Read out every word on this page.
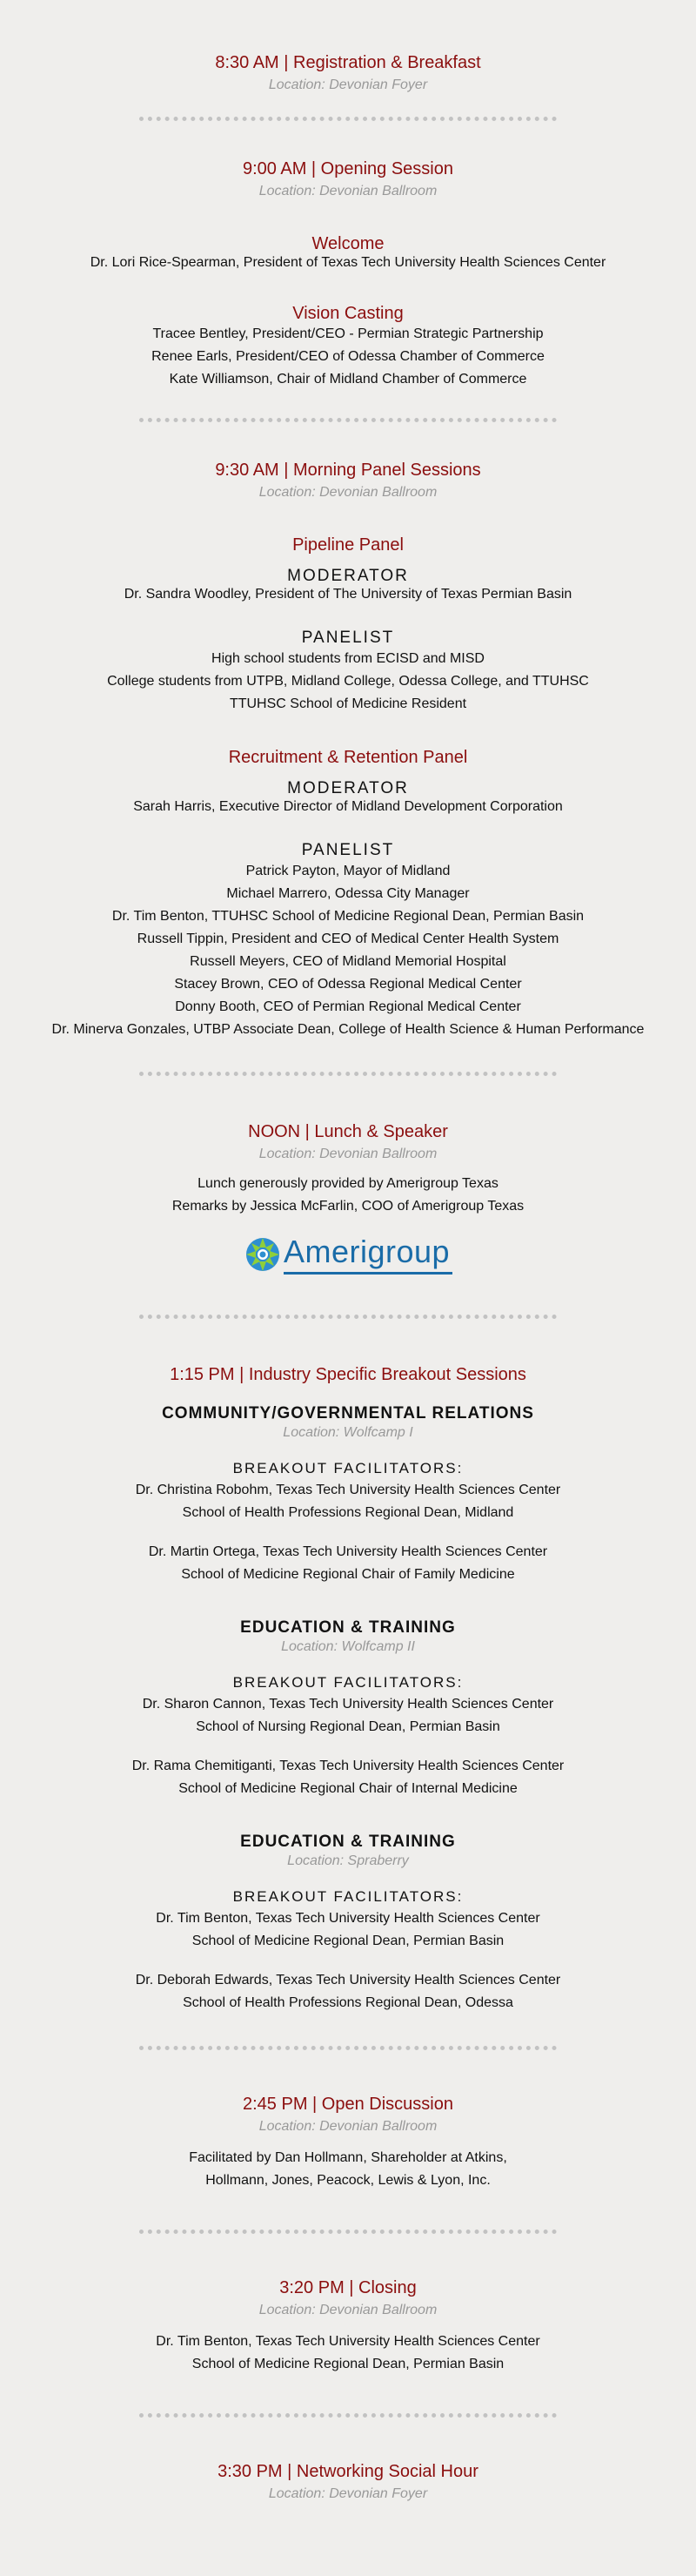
8:30 AM | Registration & Breakfast
Location: Devonian Foyer
9:00 AM | Opening Session
Location: Devonian Ballroom
Welcome
Dr. Lori Rice-Spearman, President of Texas Tech University Health Sciences Center
Vision Casting
Tracee Bentley, President/CEO - Permian Strategic Partnership
Renee Earls, President/CEO of Odessa Chamber of Commerce
Kate Williamson, Chair of Midland Chamber of Commerce
9:30 AM | Morning Panel Sessions
Location: Devonian Ballroom
Pipeline Panel
MODERATOR
Dr. Sandra Woodley, President of The University of Texas Permian Basin
PANELIST
High school students from ECISD and MISD
College students from UTPB, Midland College, Odessa College, and TTUHSC
TTUHSC School of Medicine Resident
Recruitment & Retention Panel
MODERATOR
Sarah Harris, Executive Director of Midland Development Corporation
PANELIST
Patrick Payton, Mayor of Midland
Michael Marrero, Odessa City Manager
Dr. Tim Benton, TTUHSC School of Medicine Regional Dean, Permian Basin
Russell Tippin, President and CEO of Medical Center Health System
Russell Meyers, CEO of Midland Memorial Hospital
Stacey Brown, CEO of Odessa Regional Medical Center
Donny Booth, CEO of Permian Regional Medical Center
Dr. Minerva Gonzales, UTBP Associate Dean, College of Health Science & Human Performance
NOON | Lunch & Speaker
Location: Devonian Ballroom
Lunch generously provided by Amerigroup Texas
Remarks by Jessica McFarlin, COO of Amerigroup Texas
Amerigroup
1:15 PM | Industry Specific Breakout Sessions
COMMUNITY/GOVERNMENTAL RELATIONS
Location: Wolfcamp I
BREAKOUT FACILITATORS:
Dr. Christina Robohm, Texas Tech University Health Sciences Center
School of Health Professions Regional Dean, Midland
Dr. Martin Ortega, Texas Tech University Health Sciences Center
School of Medicine Regional Chair of Family Medicine
EDUCATION & TRAINING
Location: Wolfcamp II
BREAKOUT FACILITATORS:
Dr. Sharon Cannon, Texas Tech University Health Sciences Center
School of Nursing Regional Dean, Permian Basin
Dr. Rama Chemitiganti, Texas Tech University Health Sciences Center
School of Medicine Regional Chair of Internal Medicine
EDUCATION & TRAINING
Location: Spraberry
BREAKOUT FACILITATORS:
Dr. Tim Benton, Texas Tech University Health Sciences Center
School of Medicine Regional Dean, Permian Basin
Dr. Deborah Edwards, Texas Tech University Health Sciences Center
School of Health Professions Regional Dean, Odessa
2:45 PM | Open Discussion
Location: Devonian Ballroom
Facilitated by Dan Hollmann, Shareholder at Atkins,
Hollmann, Jones, Peacock, Lewis & Lyon, Inc.
3:20 PM | Closing
Location: Devonian Ballroom
Dr. Tim Benton, Texas Tech University Health Sciences Center
School of Medicine Regional Dean, Permian Basin
3:30 PM | Networking Social Hour
Location: Devonian Foyer
